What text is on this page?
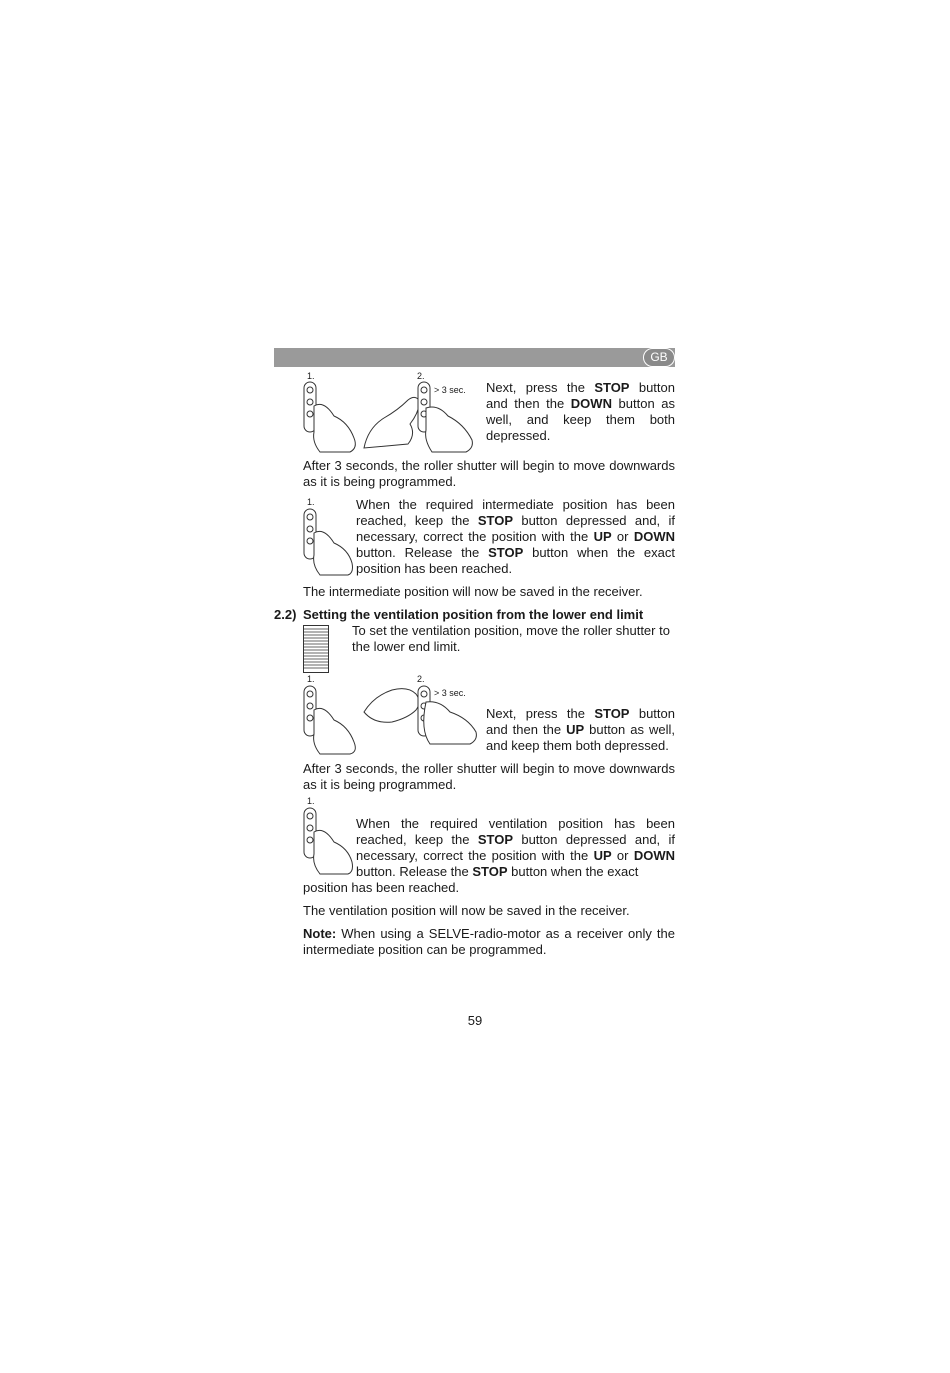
GB
1.	2.
> 3 sec. Next, press the STOP button and then the DOWN button as well, and keep them both depressed.

After 3 seconds, the roller shutter will begin to move downwards as it is being programmed.

1.	When the required intermediate position has been reached, keep the STOP button depressed and, if necessary, correct the position with the UP or DOWN button. Release the STOP button when the exact position has been reached.

The intermediate position will now be saved in the receiver.

2.2) Setting the ventilation position from the lower end limit

To set the ventilation position, move the roller shutter to the lower end limit.

1.	2.
> 3 sec.

Next, press the STOP button and then the UP button as well, and keep them both depressed.

After 3 seconds, the roller shutter will begin to move downwards as it is being programmed.

1.

When the required ventilation position has been reached, keep the STOP button depressed and, if necessary, correct the position with the UP or DOWN button. Release the STOP button when the exact

position has been reached.

The ventilation position will now be saved in the receiver.

Note: When using a SELVE-radio-motor as a receiver only the intermediate position can be programmed.

59
